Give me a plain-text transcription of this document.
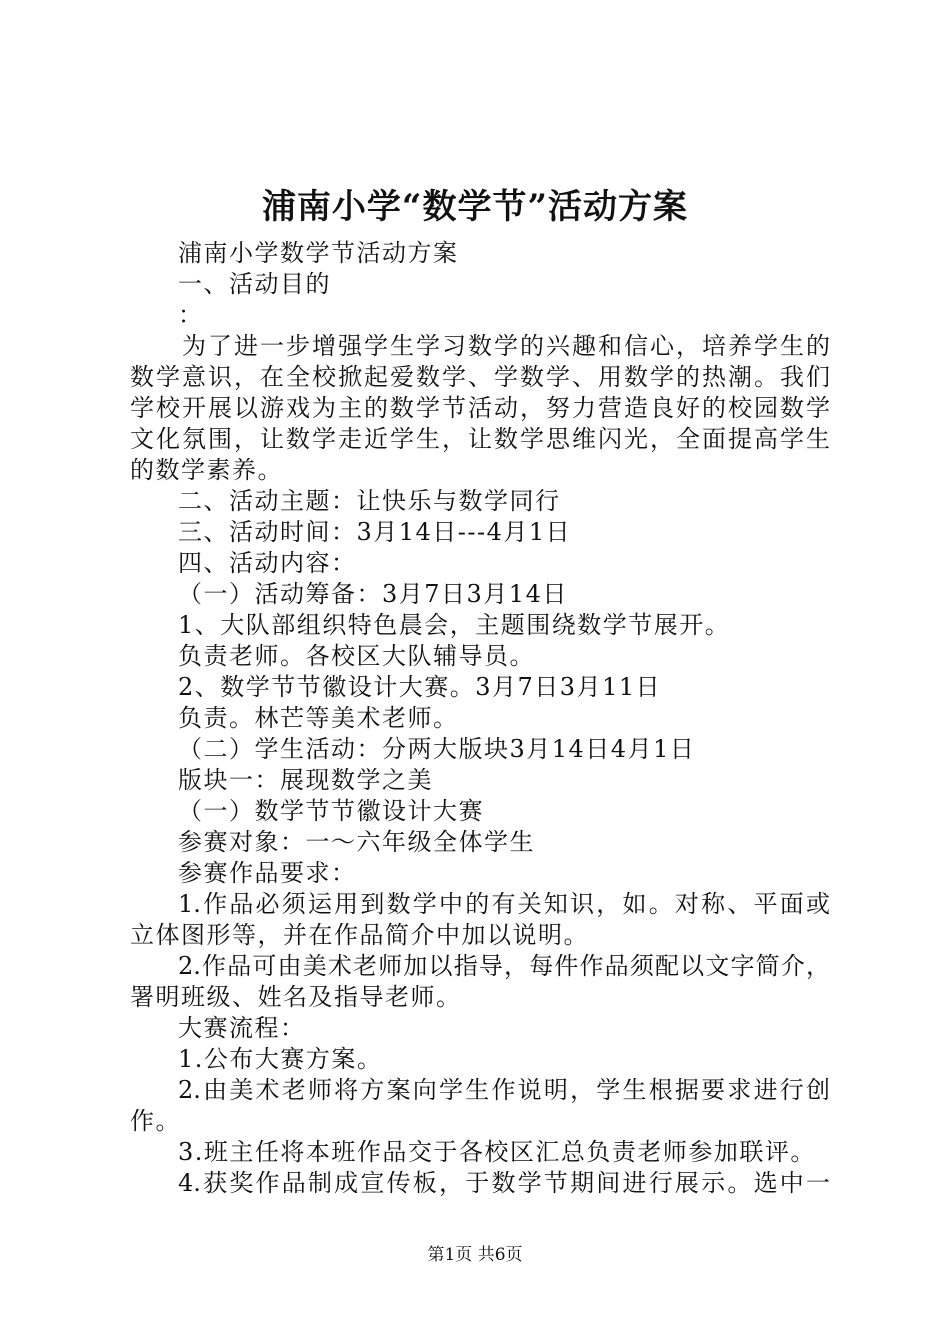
浦南小学“数学节”活动方案
浦南小学数学节活动方案
一、活动目的
：
为了进一步增强学生学习数学的兴趣和信心，培养学生的
数学意识，在全校掀起爱数学、学数学、用数学的热潮。我们
学校开展以游戏为主的数学节活动，努力营造良好的校园数学
文化氛围，让数学走近学生，让数学思维闪光，全面提高学生
的数学素养。
二、活动主题：让快乐与数学同行
三、活动时间：3月14日---4月1日
四、活动内容：
（一）活动筹备：3月7日3月14日
1、大队部组织特色晨会，主题围绕数学节展开。
负责老师。各校区大队辅导员。
2、数学节节徽设计大赛。3月7日3月11日
负责。林芒等美术老师。
（二）学生活动：分两大版块3月14日4月1日
版块一：展现数学之美
（一）数学节节徽设计大赛
参赛对象：一～六年级全体学生
参赛作品要求：
1.作品必须运用到数学中的有关知识，如。对称、平面或
立体图形等，并在作品简介中加以说明。
2.作品可由美术老师加以指导，每件作品须配以文字简介，
署明班级、姓名及指导老师。
大赛流程：
1.公布大赛方案。
2.由美术老师将方案向学生作说明，学生根据要求进行创
作。
3.班主任将本班作品交于各校区汇总负责老师参加联评。
4.获奖作品制成宣传板，于数学节期间进行展示。选中一
第1页 共6页
